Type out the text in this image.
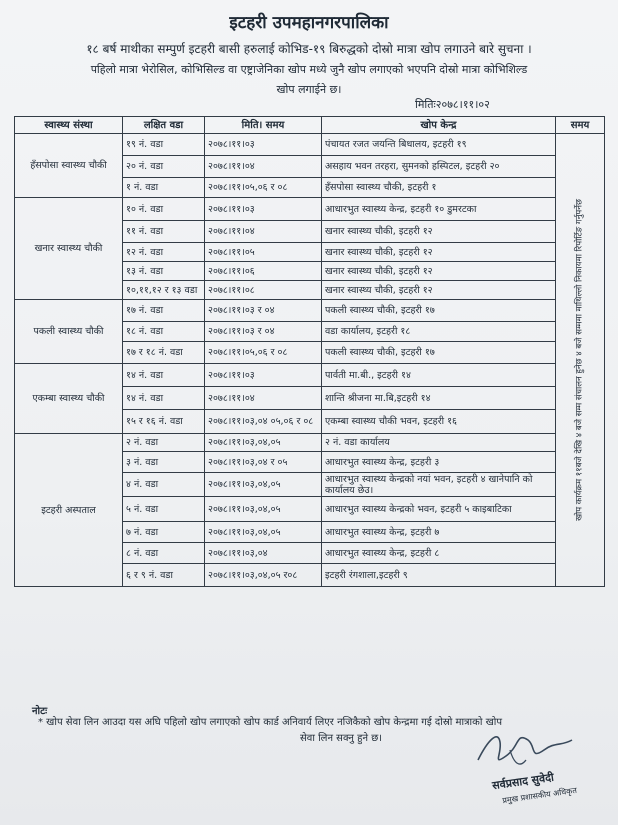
इटहरी उपमहानगरपालिका
१८ बर्ष माथीका सम्पुर्ण इटहरी बासी हरुलाई कोभिड-१९ बिरुद्धको दोस्रो मात्रा खोप लगाउने बारे सुचना ।
पहिलो मात्रा भेरोसिल, कोभिसिल्ड वा एष्ट्राजेनिका खोप मध्ये जुनै खोप लगाएको भएपनि दोस्रो मात्रा कोभिशिल्ड
खोप लगाईने छ।
मितिः२०७८।११।०२
स्वास्थ्य संस्था	लक्षित वडा	मिति। समय	खोप केन्द्र	समय
हँसपोसा स्वास्थ्य चौकी	१९ नं. वडा	२०७८।११।०३	पंचायत रजत जयन्ति बिधालय, इटहरी १९	खोप कार्यक्रम ११बजे देखि ४ बजे सम्म संचालन हुनेछ ४ बजे सम्ममा माथिल्लो निकायमा रिपोर्टिङ गर्नुपर्नेछ

	२० नं. वडा	२०७८।११।०४	असहाय भवन तरहरा, सुमनको हस्पिटल, इटहरी २०	
	१ नं. वडा	२०७८।११।०५,०६ र ०८	हँसपोसा स्वास्थ्य चौकी, इटहरी १	
खनार स्वास्थ्य चौकी	१० नं. वडा	२०७८।११।०३	आधारभुत स्वास्थ्य केन्द्र, इटहरी १० डुमरटका	
	११ नं. वडा	२०७८।११।०४	खनार स्वास्थ्य चौकी, इटहरी १२	
	१२ नं. वडा	२०७८।११।०५	खनार स्वास्थ्य चौकी, इटहरी १२	
	१३ नं. वडा	२०७८।११।०६	खनार स्वास्थ्य चौकी, इटहरी १२	
	१०,११,१२ र १३ वडा	२०७८।११।०८	खनार स्वास्थ्य चौकी, इटहरी १२	
पकली स्वास्थ्य चौकी	१७ नं. वडा	२०७८।११।०३ र ०४	पकली स्वास्थ्य चौकी, इटहरी १७	
	१८ नं. वडा	२०७८।११।०३ र ०४	वडा कार्यालय, इटहरी १८	
	१७ र १८ नं. वडा	२०७८।११।०५,०६ र ०८	पकली स्वास्थ्य चौकी, इटहरी १७	
एकम्बा स्वास्थ्य चौकी	१४ नं. वडा	२०७८।११।०३	पार्वती मा.बी., इटहरी १४	
	१४ नं. वडा	२०७८।११।०४	शान्ति श्रीजना मा.बि,इटहरी १४	
	१५ र १६ नं. वडा	२०७८।११।०३,०४ ०५,०६ र ०८	एकम्बा स्वास्थ्य चौकी भवन, इटहरी १६	
इटहरी अस्पताल	२ नं. वडा	२०७८।११।०३,०४,०५	२ नं. वडा कार्यालय	
	३ नं. वडा	२०७८।११।०३,०४ र ०५	आधारभुत स्वास्थ्य केन्द्र, इटहरी ३	
	४ नं. वडा	२०७८।११।०३,०४,०५	आधारभुत स्वास्थ्य केन्द्रको नयां भवन, इटहरी ४ खानेपानि को कार्यालय छेउ।	
	५ नं. वडा	२०७८।११।०३,०४,०५	आधारभुत स्वास्थ्य केन्द्रको भवन, इटहरी ५ काइबाटिका	
	७ नं. वडा	२०७८।११।०३,०४,०५	आधारभुत स्वास्थ्य केन्द्र, इटहरी ७	
	८ नं. वडा	२०७८।११।०३,०४	आधारभुत स्वास्थ्य केन्द्र, इटहरी ८	
	६ र ९ नं. वडा	२०७८।११।०३,०४,०५ र०८	इटहरी रंगशाला,इटहरी ९	
नोटः
* खोप सेवा लिन आउदा यस अघि पहिलो खोप लगाएको खोप कार्ड अनिवार्य लिएर नजिकैको खोप केन्द्रमा गई दोस्रो मात्राको खोप
सेवा लिन सक्नु हुने छ।
सर्वप्रसाद सुवेदी
प्रमुख प्रशासकीय अधिकृत
